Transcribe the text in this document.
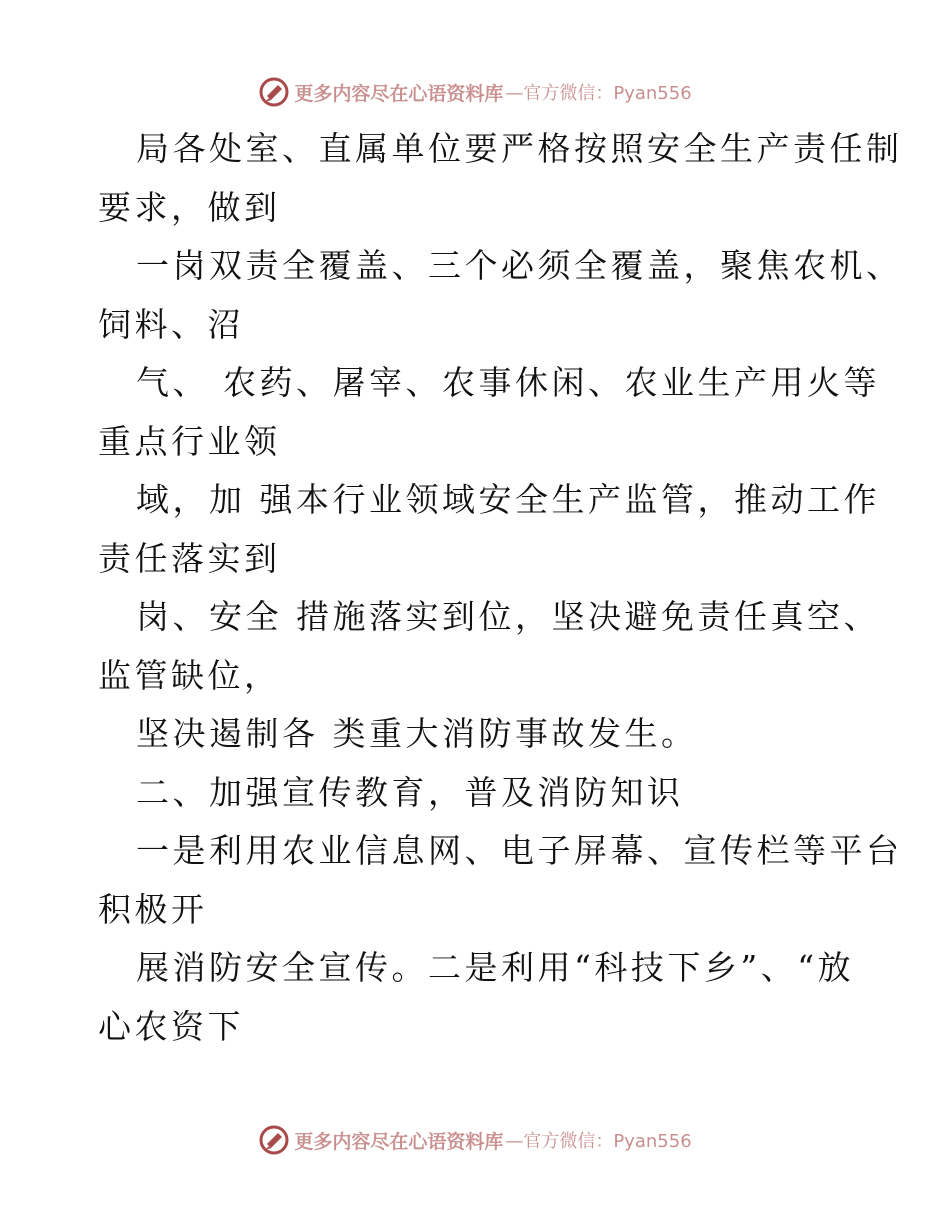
更多内容尽在心语资料库 —官方微信：Pyan556
局各处室、直属单位要严格按照安全生产责任制
要求，做到
一岗双责全覆盖、三个必须全覆盖，聚焦农机、
饲料、沼
气、 农药、屠宰、农事休闲、农业生产用火等
重点行业领
域，加 强本行业领域安全生产监管，推动工作
责任落实到
岗、安全 措施落实到位，坚决避免责任真空、
监管缺位，
坚决遏制各 类重大消防事故发生。
二、加强宣传教育，普及消防知识
一是利用农业信息网、电子屏幕、宣传栏等平台
积极开
展消防安全宣传。二是利用“科技下乡”、“放
心农资下
更多内容尽在心语资料库 —官方微信：Pyan556
